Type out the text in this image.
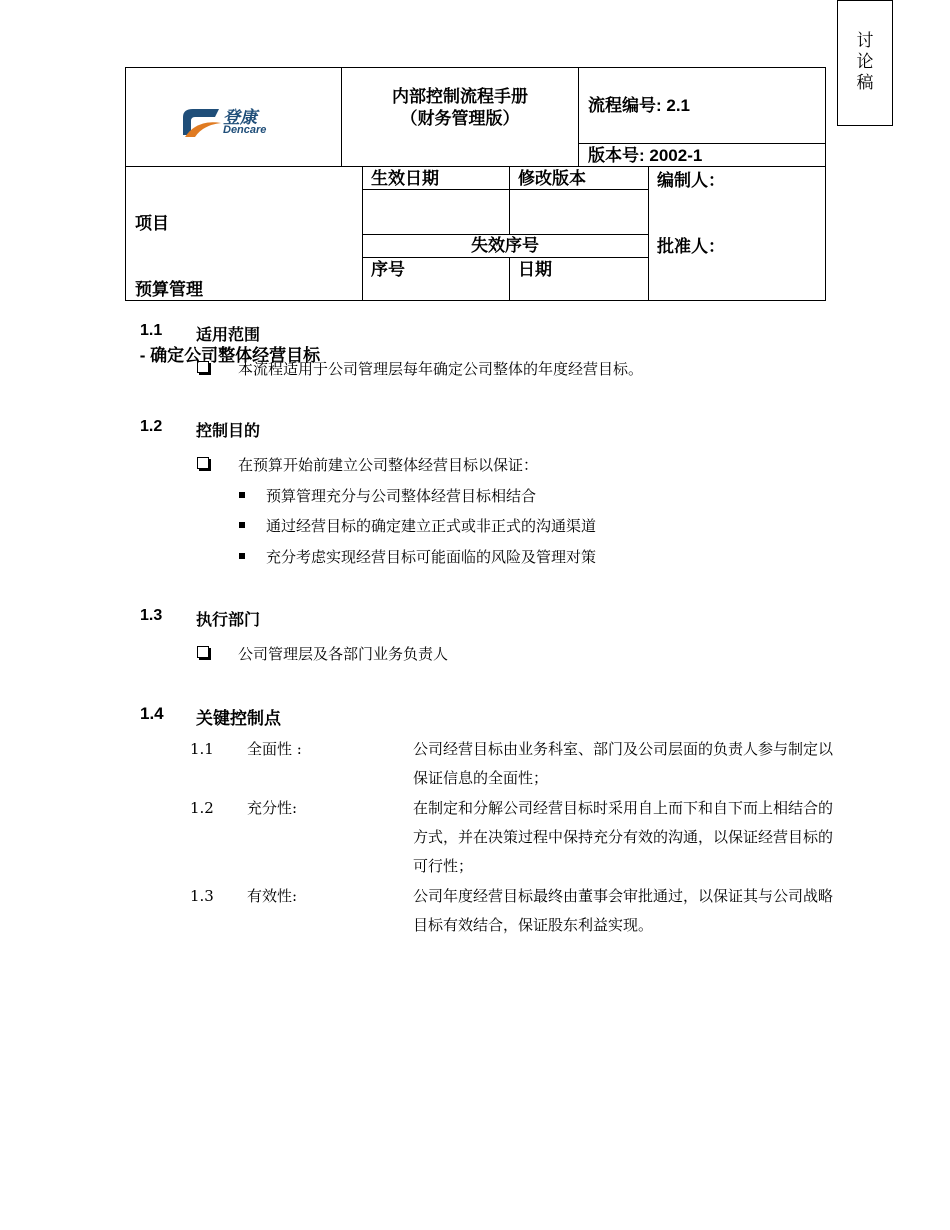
讨
论
稿
登康
Dencare
内部控制流程手册
（财务管理版）
流程编号: 2.1
版本号: 2002-1

项目

预算管理

- 确定公司整体经营目标

生效日期	修改版本	编制人：
失效序号	批准人：
序号	日期
1.1 适用范围
本流程适用于公司管理层每年确定公司整体的年度经营目标。
1.2 控制目的
在预算开始前建立公司整体经营目标以保证：
预算管理充分与公司整体经营目标相结合
通过经营目标的确定建立正式或非正式的沟通渠道
充分考虑实现经营目标可能面临的风险及管理对策
1.3 执行部门
公司管理层及各部门业务负责人
1.4 关键控制点
1.1 全面性 :	公司经营目标由业务科室、部门及公司层面的负责人参与制定以保证信息的全面性；
1.2 充分性:	在制定和分解公司经营目标时采用自上而下和自下而上相结合的方式，并在决策过程中保持充分有效的沟通，以保证经营目标的可行性；
1.3 有效性:	公司年度经营目标最终由董事会审批通过，以保证其与公司战略目标有效结合，保证股东利益实现。
